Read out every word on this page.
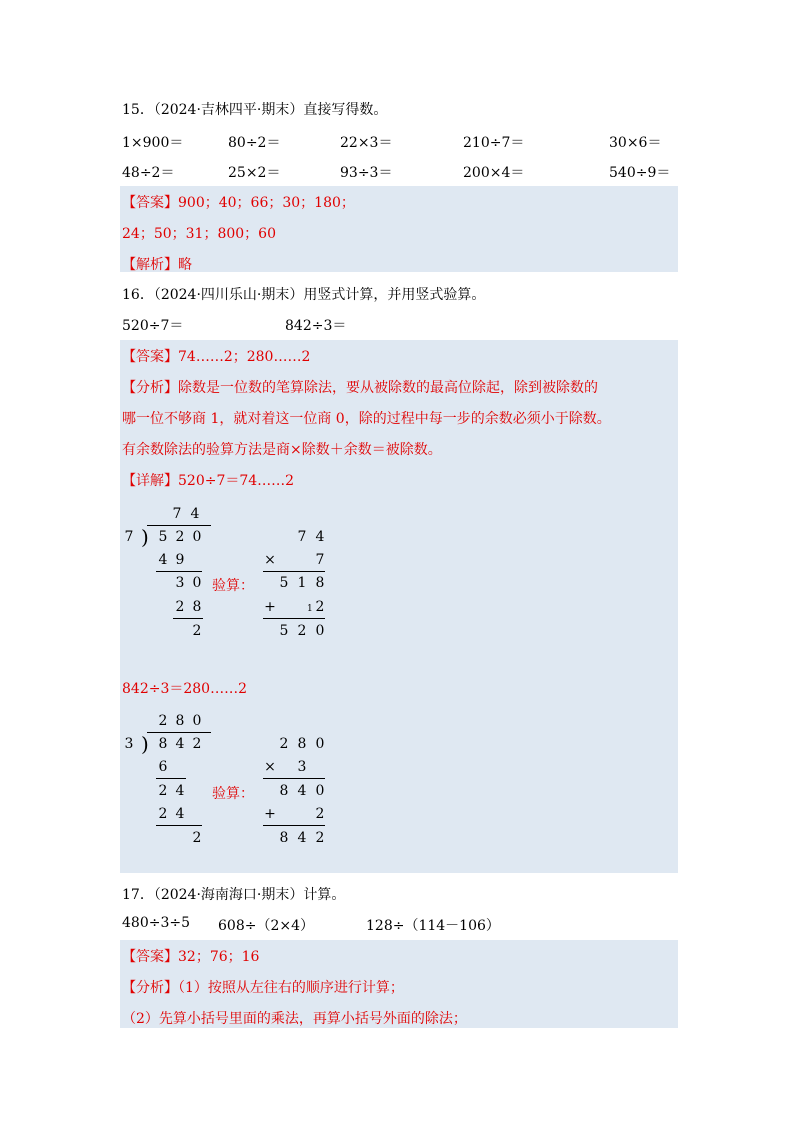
15．（2024·吉林四平·期末）直接写得数。
1×900＝	80÷2＝	22×3＝	210÷7＝	30×6＝
48÷2＝	25×2＝	93÷3＝	200×4＝	540÷9＝
【答案】900；40；66；30；180；
24；50；31；800；60
【解析】略
16．（2024·四川乐山·期末）用竖式计算，并用竖式验算。
520÷7＝	842÷3＝
【答案】74……2；280……2
【分析】除数是一位数的笔算除法，要从被除数的最高位除起，除到被除数的
哪一位不够商 1，就对着这一位商 0，除的过程中每一步的余数必须小于除数。
有余数除法的验算方法是商×除数＋余数＝被除数。
【详解】520÷7＝74……2
7 4
7 ) 5 2 0
4 9
3 0
2 8
2
验算：
7 4
×	7
5 1 8
+	1 2
5 2 0
842÷3＝280……2
2 8 0
3 ) 8 4 2
6
2 4
2 4
2
验算：
2 8 0
× 3
8 4 0
+	2
8 4 2
17．（2024·海南海口·期末）计算。
480÷3÷5 608÷（2×4）	128÷（114－106）
【答案】32；76；16
【分析】（1）按照从左往右的顺序进行计算；
（2）先算小括号里面的乘法，再算小括号外面的除法；
